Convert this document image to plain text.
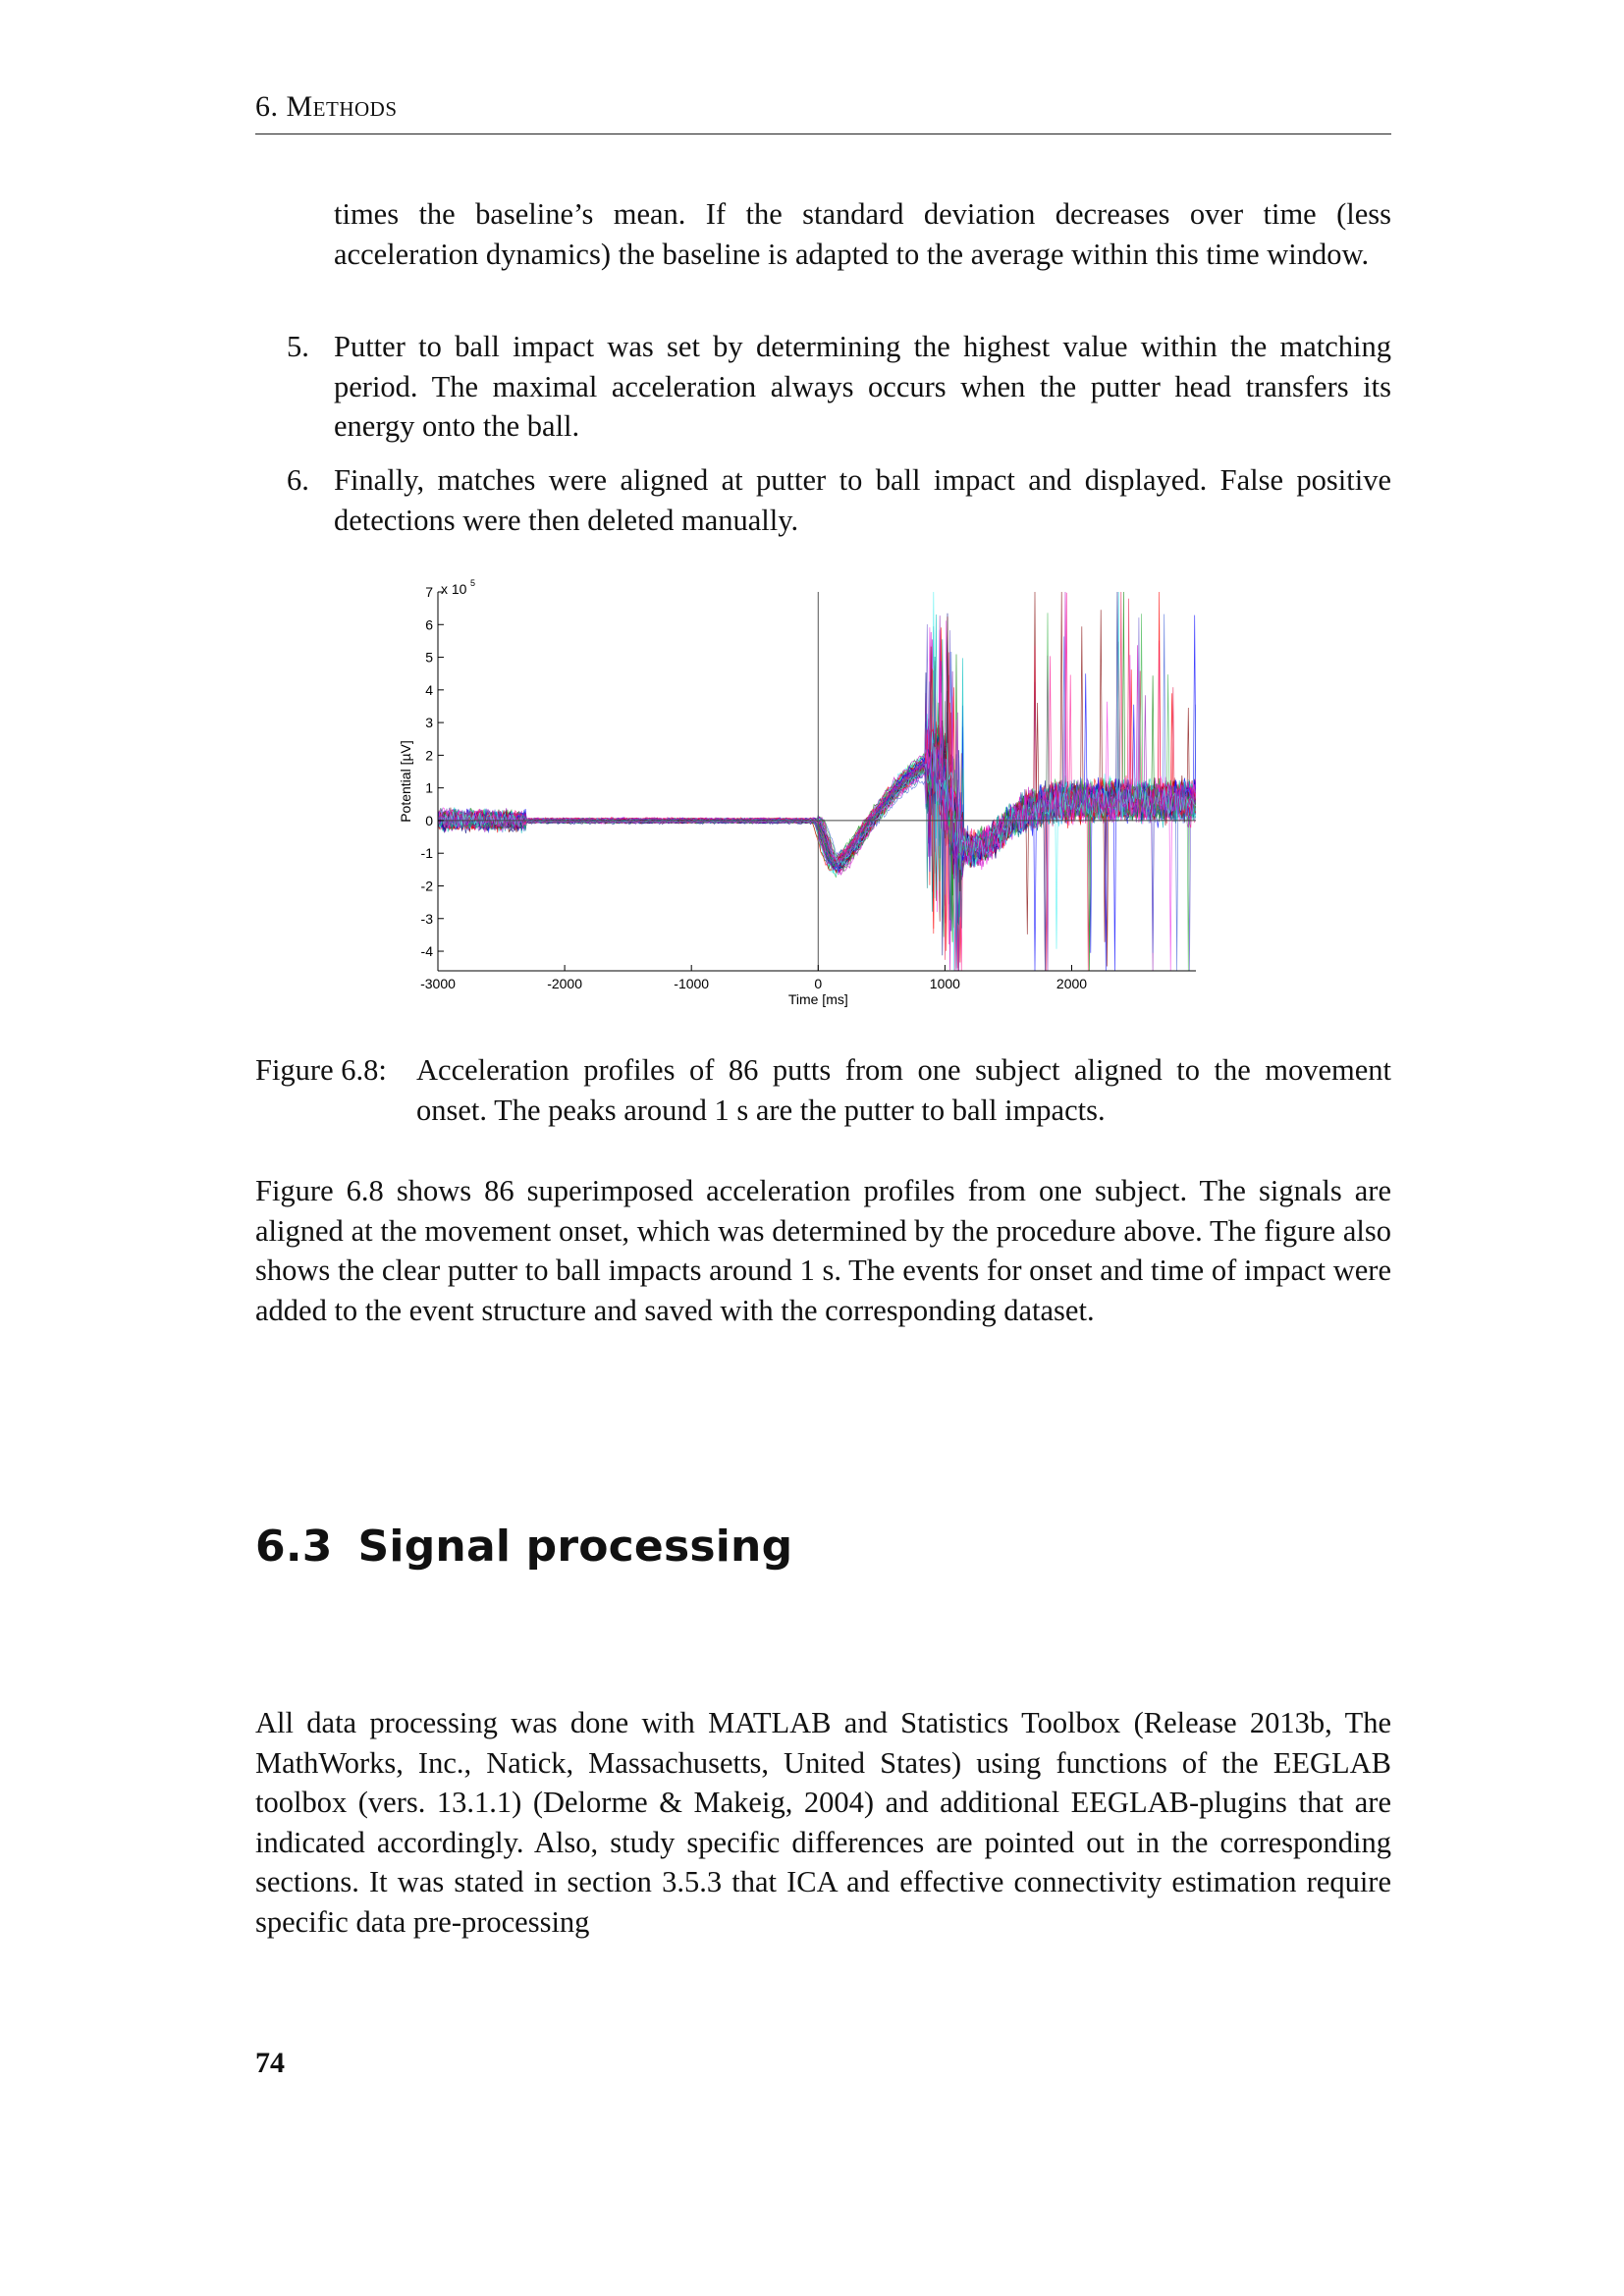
6. Methods

times the baseline’s mean. If the standard deviation decreases over time (less acceleration dynamics) the baseline is adapted to the average within this time window.

5. Putter to ball impact was set by determining the highest value within the matching period. The maximal acceleration always occurs when the putter head transfers its energy onto the ball.
6. Finally, matches were aligned at putter to ball impact and displayed. False positive detections were then deleted manually.
7
6
5
4
3
2
1
0
-1
-2
-3
-4
-3000	-2000	-1000	0	1000	2000
Time [ms]
Potential [µV]
x 10 5
Figure 6.8: Acceleration profiles of 86 putts from one subject aligned to the movement onset. The peaks around 1 s are the putter to ball impacts.

Figure 6.8 shows 86 superimposed acceleration profiles from one subject. The signals are aligned at the movement onset, which was determined by the procedure above. The figure also shows the clear putter to ball impacts around 1 s. The events for onset and time of impact were added to the event structure and saved with the corresponding dataset.

6.3 Signal processing

All data processing was done with MATLAB and Statistics Toolbox (Release 2013b, The MathWorks, Inc., Natick, Massachusetts, United States) using functions of the EEGLAB toolbox (vers. 13.1.1) (Delorme & Makeig, 2004) and additional EEGLAB-plugins that are indicated accordingly. Also, study specific differences are pointed out in the corresponding sections. It was stated in section 3.5.3 that ICA and effective connectivity estimation require specific data pre-processing

74
